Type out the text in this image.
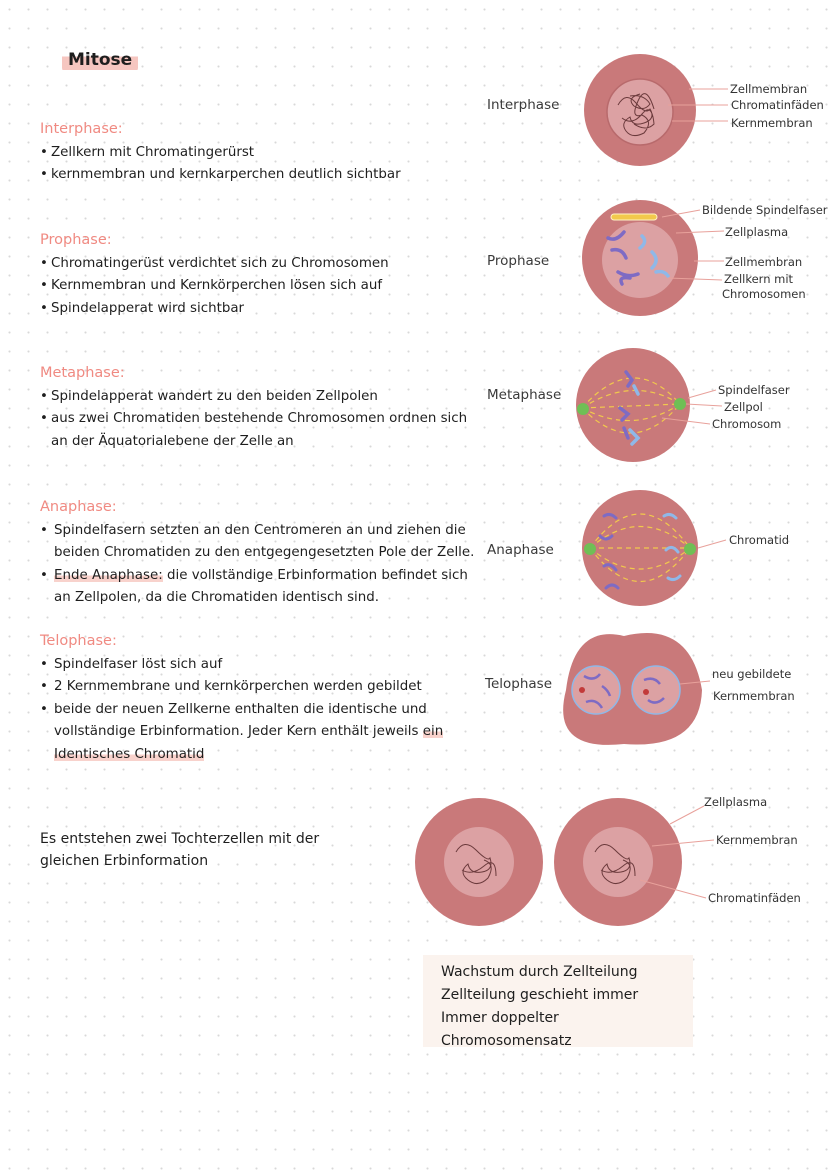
Mitose
Interphase:
• Zellkern mit Chromatingerürst
• kernmembran und kernkarperchen deutlich sichtbar
Prophase:
• Chromatingerüst verdichtet sich zu Chromosomen
• Kernmembran und Kernkörperchen lösen sich auf
• Spindelapperat wird sichtbar
Metaphase:
• Spindelapperat wandert zu den beiden Zellpolen
• aus zwei Chromatiden bestehende Chromosomen ordnen sich an der Äquatorialebene der Zelle an
Anaphase:
• Spindelfasern setzten an den Centromeren an und ziehen die beiden Chromatiden zu den entgegengesetzten Pole der Zelle.
• Ende Anaphase: die vollständige Erbinformation befindet sich an Zellpolen, da die Chromatiden identisch sind.
Telophase:
• Spindelfaser löst sich auf
• 2 Kernmembrane und kernkörperchen werden gebildet
• beide der neuen Zellkerne enthalten die identische und vollständige Erbinformation. Jeder Kern enthält jeweils ein
Identisches Chromatid
Es entstehen zwei Tochterzellen mit der gleichen Erbinformation
Interphase
Prophase
Metaphase
Anaphase
Telophase
Zellmembran
Chromatinfäden
Kernmembran
Bildende Spindelfaser
Zellplasma
Zellmembran
Zellkern mit
Chromosomen
Spindelfaser
Zellpol
Chromosom
Chromatid
neu gebildete
Kernmembran
Zellplasma
Kernmembran
Chromatinfäden
Wachstum durch Zellteilung
Zellteilung geschieht immer
Immer doppelter Chromosomensatz
